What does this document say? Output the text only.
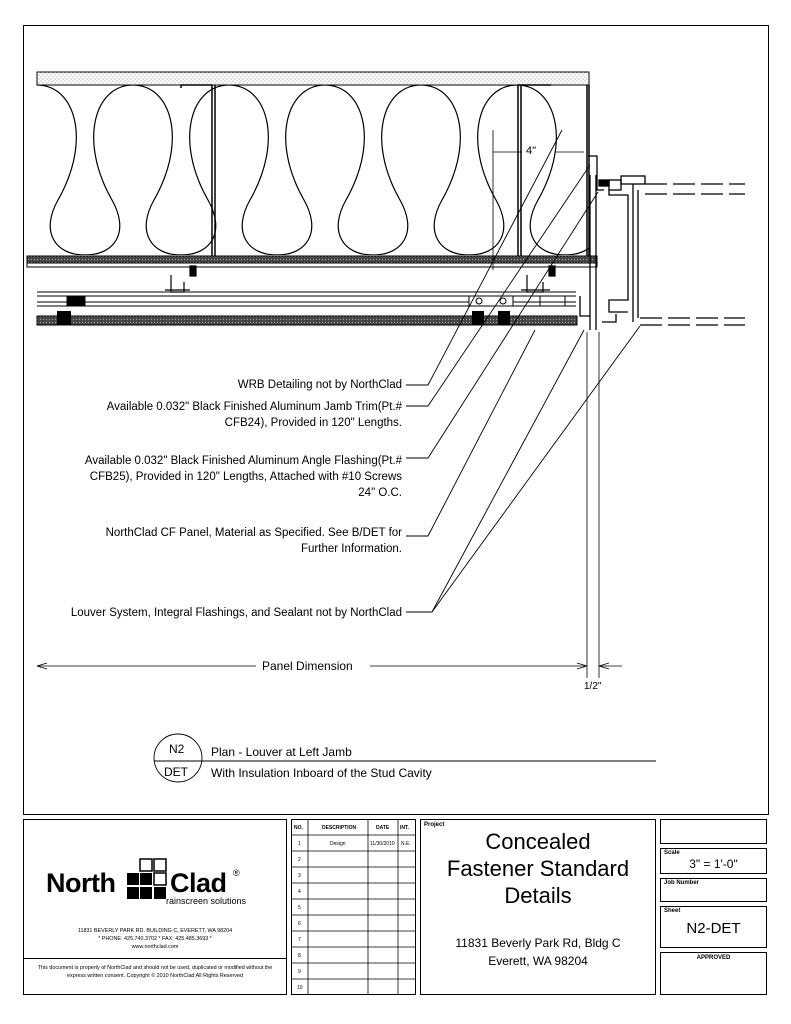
4"
Panel Dimension
1/2"
WRB Detailing not by NorthClad
Available 0.032" Black Finished Aluminum Jamb Trim(Pt.#
CFB24), Provided in 120" Lengths.
Available 0.032" Black Finished Aluminum Angle Flashing(Pt.#
CFB25), Provided in 120" Lengths, Attached with #10 Screws
24" O.C.
NorthClad CF Panel, Material as Specified. See B/DET for
Further Information.
Louver System, Integral Flashings, and Sealant not by NorthClad
N2
DET
Plan - Louver at Left Jamb
With Insulation Inboard of the Stud Cavity
North Clad ®
rainscreen solutions
11831 BEVERLY PARK RD. BUILDING C, EVERETT, WA 98204
* PHONE: 425.740.3702 * FAX: 425.485.3693 *
www.northclad.com
This document is property of NorthClad and should not be used, duplicated or modified without the express written consent. Copyright © 2010 NorthClad All Rights Reserved
NO.	DESCRIPTION	DATE INT.
1	Design	11/30/2010 N.E.
2
3
4
5
6
7
8
9
10
Project
Concealed
Fastener Standard
Details
11831 Beverly Park Rd, Bldg C
Everett, WA 98204
Scale
3" = 1'-0"
Job Number
Sheet
N2-DET
APPROVED
